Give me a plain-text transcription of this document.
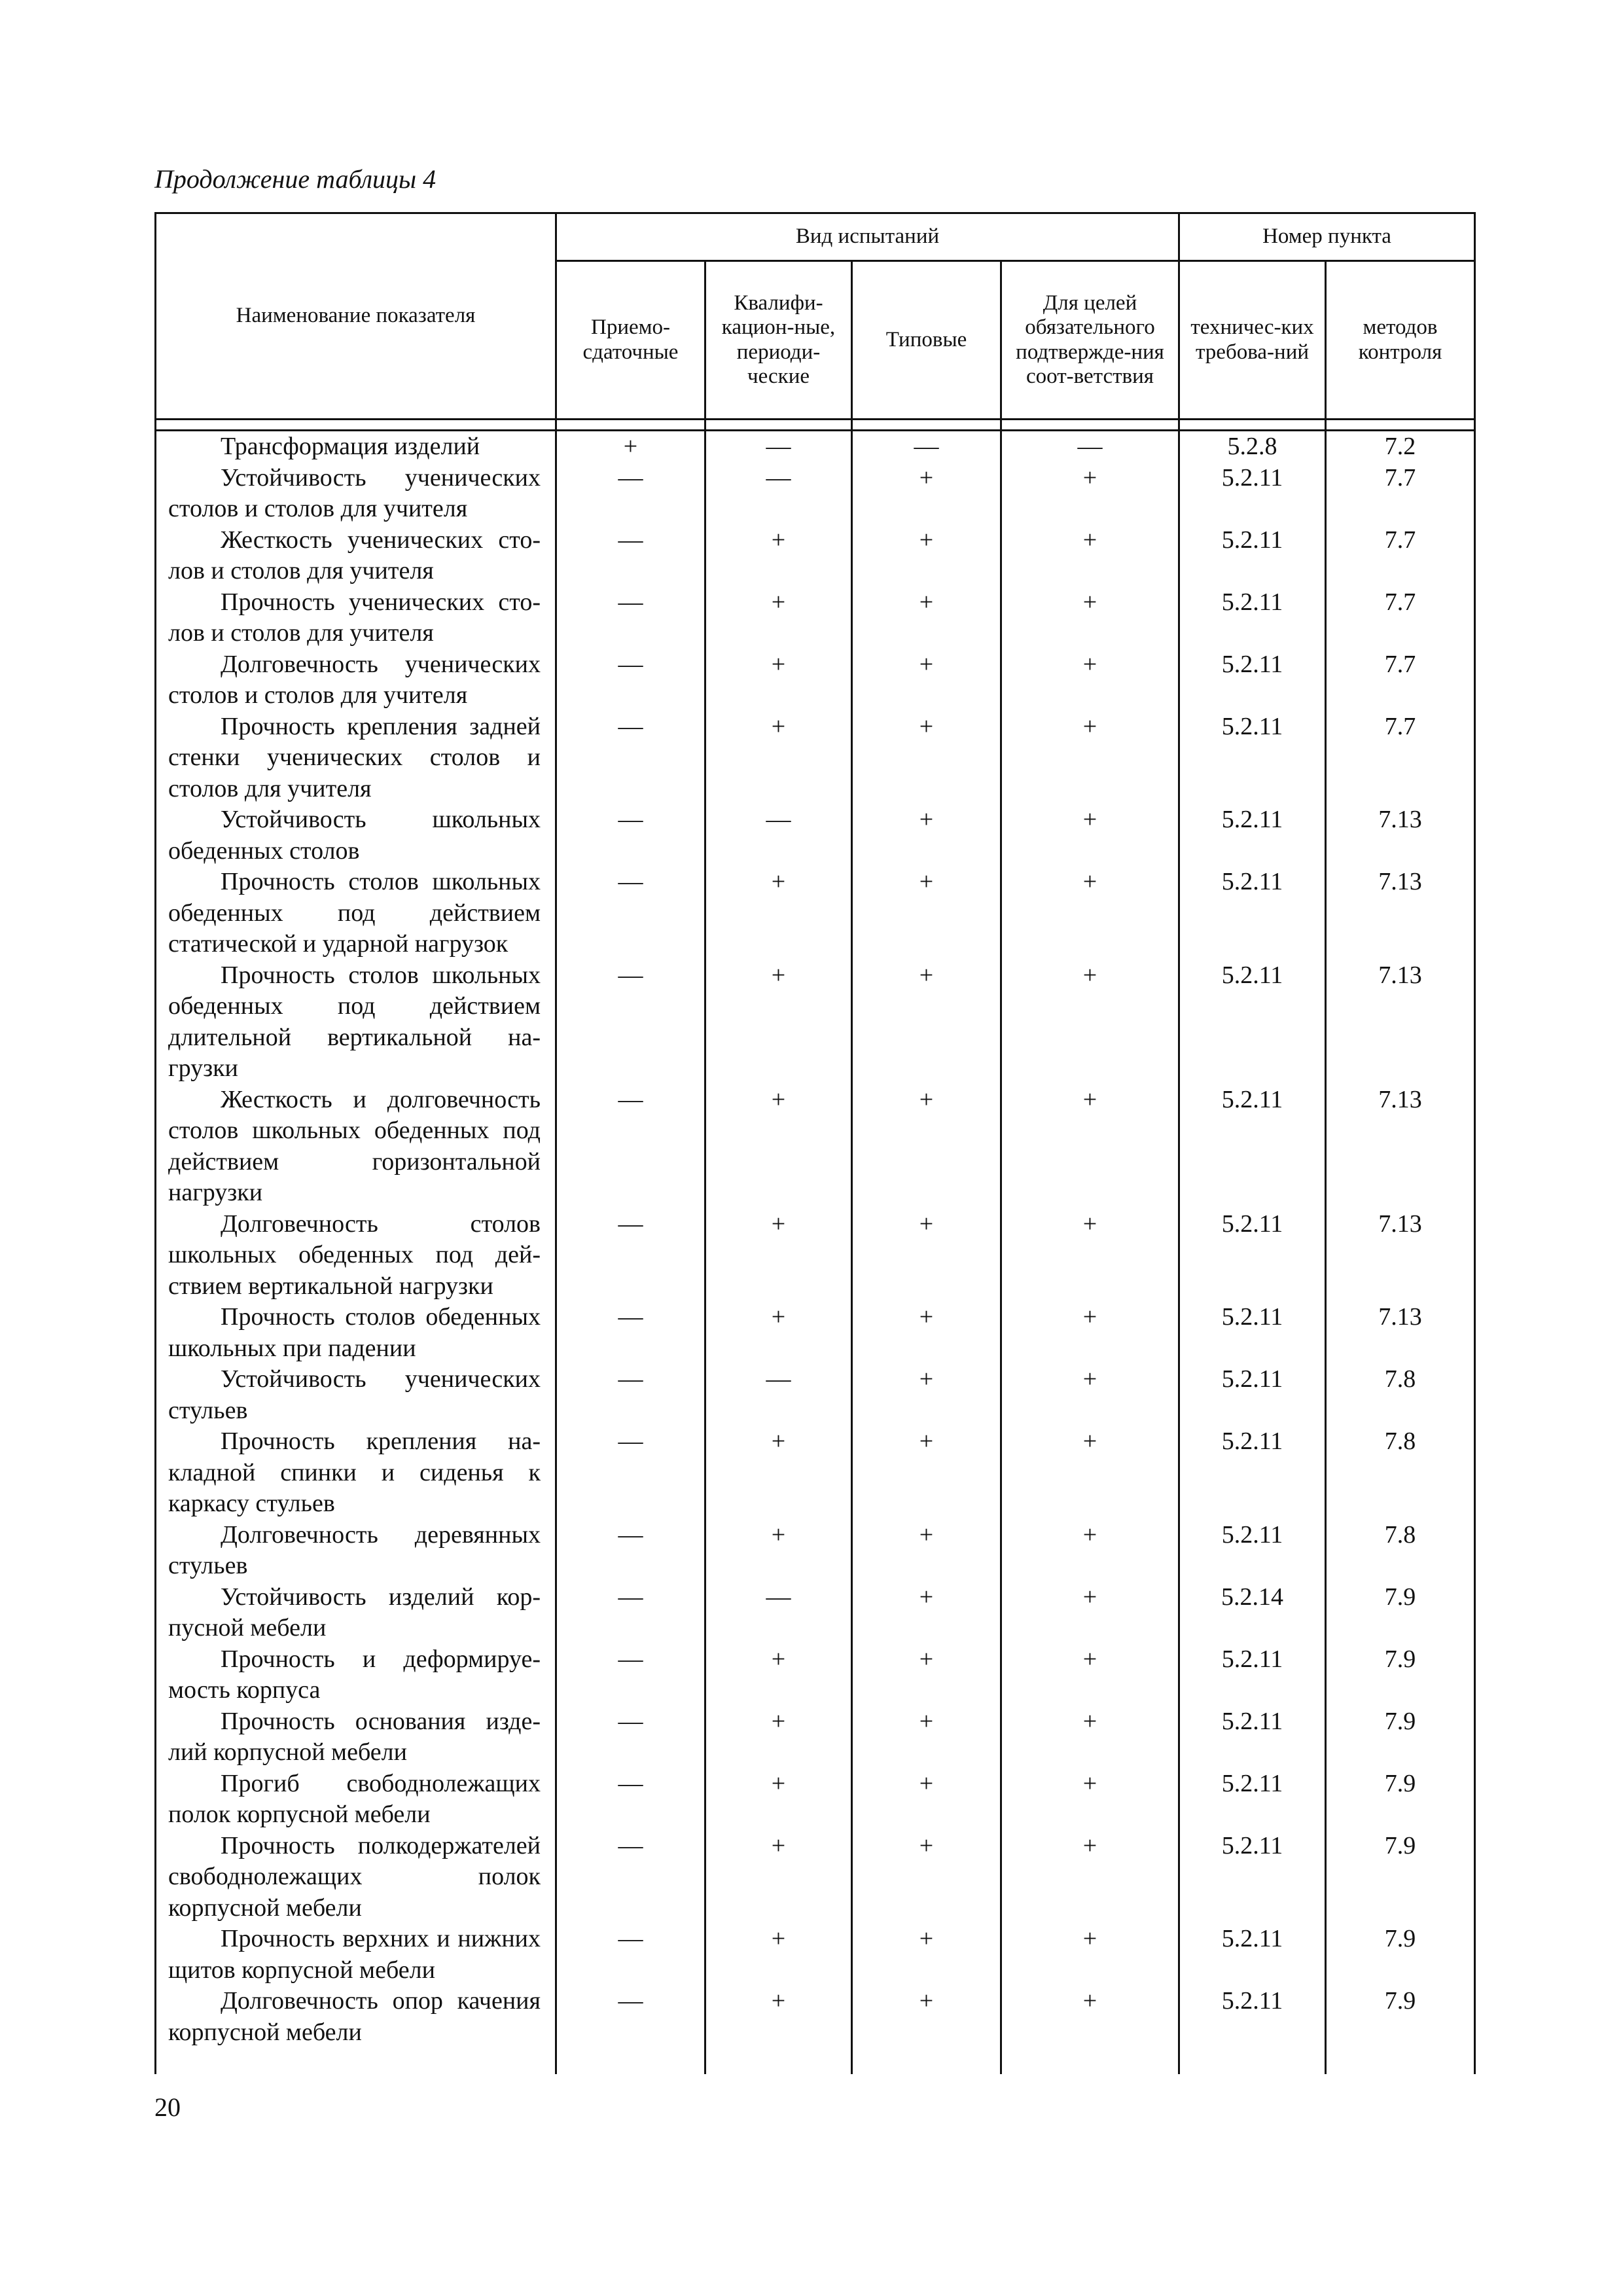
Продолжение таблицы 4
Наименование показателя	Вид испытаний				Номер пункта	
	Приемо-сдаточные	Квалифи-кацион-ные, периоди-ческие	Типовые	Для целей обязательного подтвержде-ния соот-ветствия	техничес-ких требова-ний	методов контроля

Трансформация изделий	+	—	—	—	5.2.8	7.2

Устойчивость ученических столов и столов для учителя	—	—	+	+	5.2.11	7.7

Жесткость ученических столов и столов для учителя	—	+	+	+	5.2.11	7.7

Прочность ученических столов и столов для учителя	—	+	+	+	5.2.11	7.7

Долговечность ученических столов и столов для учителя	—	+	+	+	5.2.11	7.7

Прочность крепления задней стенки ученических столов и столов для учителя	—	+	+	+	5.2.11	7.7

Устойчивость школьных обеденных столов	—	—	+	+	5.2.11	7.13

Прочность столов школьных обеденных под действием статической и ударной нагрузок	—	+	+	+	5.2.11	7.13

Прочность столов школьных обеденных под действием длительной вертикальной нагрузки	—	+	+	+	5.2.11	7.13

Жесткость и долговечность столов школьных обеденных под действием горизонтальной нагрузки	—	+	+	+	5.2.11	7.13

Долговечность столов школьных обеденных под действием вертикальной нагрузки	—	+	+	+	5.2.11	7.13

Прочность столов обеденных школьных при падении	—	+	+	+	5.2.11	7.13

Устойчивость ученических стульев	—	—	+	+	5.2.11	7.8

Прочность крепления накладной спинки и сиденья к каркасу стульев	—	+	+	+	5.2.11	7.8

Долговечность деревянных стульев	—	+	+	+	5.2.11	7.8

Устойчивость изделий корпусной мебели	—	—	+	+	5.2.14	7.9

Прочность и деформируемость корпуса	—	+	+	+	5.2.11	7.9

Прочность основания изделий корпусной мебели	—	+	+	+	5.2.11	7.9

Прогиб свободнолежащих полок корпусной мебели	—	+	+	+	5.2.11	7.9

Прочность полкодержателей свободнолежащих полок корпусной мебели	—	+	+	+	5.2.11	7.9

Прочность верхних и нижних щитов корпусной мебели	—	+	+	+	5.2.11	7.9

Долговечность опор качения корпусной мебели	—	+	+	+	5.2.11	7.9

20
